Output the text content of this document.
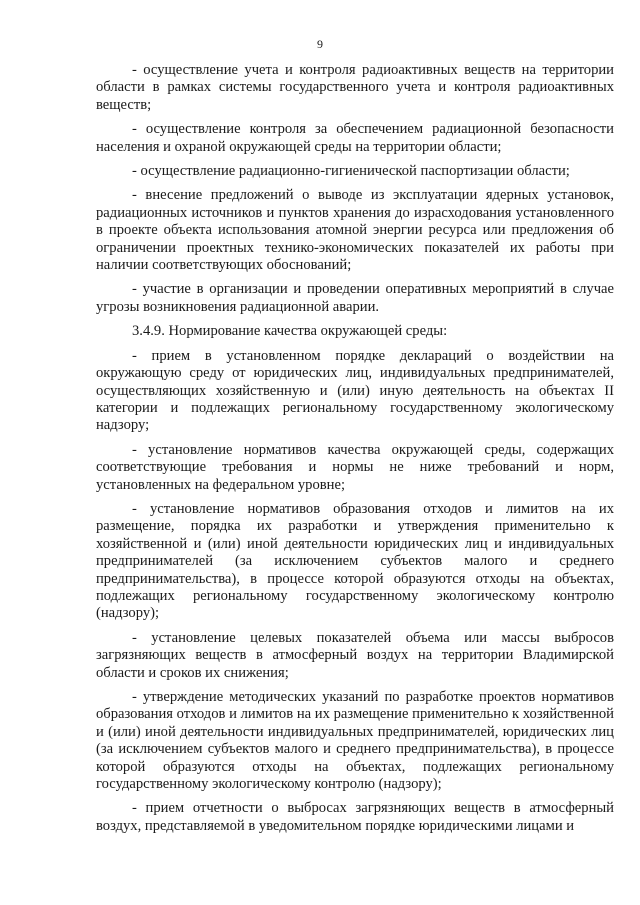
9

- осуществление учета и контроля радиоактивных веществ на территории области в рамках системы государственного учета и контроля радиоактивных веществ;

- осуществление контроля за обеспечением радиационной безопасности населения и охраной окружающей среды на территории области;

- осуществление радиационно-гигиенической паспортизации области;

- внесение предложений о выводе из эксплуатации ядерных установок, радиационных источников и пунктов хранения до израсходования установленного в проекте объекта использования атомной энергии ресурса или предложения об ограничении проектных технико-экономических показателей их работы при наличии соответствующих обоснований;

- участие в организации и проведении оперативных мероприятий в случае угрозы возникновения радиационной аварии.

3.4.9. Нормирование качества окружающей среды:

- прием в установленном порядке деклараций о воздействии на окружающую среду от юридических лиц, индивидуальных предпринимателей, осуществляющих хозяйственную и (или) иную деятельность на объектах II категории и подлежащих региональному государственному экологическому надзору;

- установление нормативов качества окружающей среды, содержащих соответствующие требования и нормы не ниже требований и норм, установленных на федеральном уровне;

- установление нормативов образования отходов и лимитов на их размещение, порядка их разработки и утверждения применительно к хозяйственной и (или) иной деятельности юридических лиц и индивидуальных предпринимателей (за исключением субъектов малого и среднего предпринимательства), в процессе которой образуются отходы на объектах, подлежащих региональному государственному экологическому контролю (надзору);

- установление целевых показателей объема или массы выбросов загрязняющих веществ в атмосферный воздух на территории Владимирской области и сроков их снижения;

- утверждение методических указаний по разработке проектов нормативов образования отходов и лимитов на их размещение применительно к хозяйственной и (или) иной деятельности индивидуальных предпринимателей, юридических лиц (за исключением субъектов малого и среднего предпринимательства), в процессе которой образуются отходы на объектах, подлежащих региональному государственному экологическому контролю (надзору);

- прием отчетности о выбросах загрязняющих веществ в атмосферный воздух, представляемой в уведомительном порядке юридическими лицами и
